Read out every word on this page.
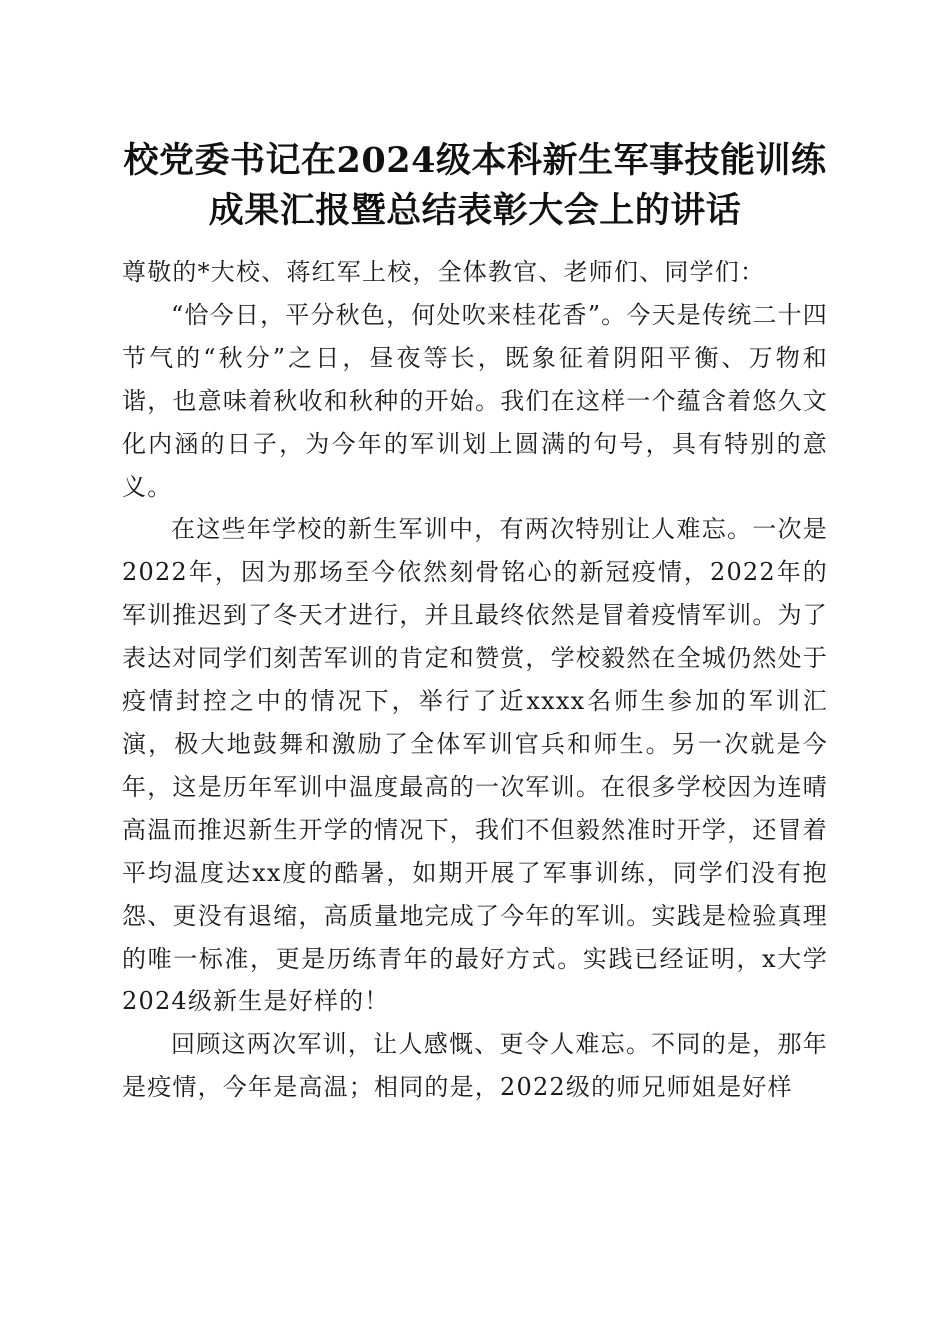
校党委书记在2024级本科新生军事技能训练
成果汇报暨总结表彰大会上的讲话

尊敬的*大校、蒋红军上校，全体教官、老师们、同学们：

“恰今日，平分秋色，何处吹来桂花香”。今天是传统二十四节气的“秋分”之日，昼夜等长，既象征着阴阳平衡、万物和谐，也意味着秋收和秋种的开始。我们在这样一个蕴含着悠久文化内涵的日子，为今年的军训划上圆满的句号，具有特别的意义。

在这些年学校的新生军训中，有两次特别让人难忘。一次是2022年，因为那场至今依然刻骨铭心的新冠疫情，2022年的军训推迟到了冬天才进行，并且最终依然是冒着疫情军训。为了表达对同学们刻苦军训的肯定和赞赏，学校毅然在全城仍然处于疫情封控之中的情况下，举行了近xxxx名师生参加的军训汇演，极大地鼓舞和激励了全体军训官兵和师生。另一次就是今年，这是历年军训中温度最高的一次军训。在很多学校因为连晴高温而推迟新生开学的情况下，我们不但毅然准时开学，还冒着平均温度达xx度的酷暑，如期开展了军事训练，同学们没有抱怨、更没有退缩，高质量地完成了今年的军训。实践是检验真理的唯一标准，更是历练青年的最好方式。实践已经证明，x大学2024级新生是好样的！

回顾这两次军训，让人感慨、更令人难忘。不同的是，那年是疫情，今年是高温；相同的是，2022级的师兄师姐是好样
